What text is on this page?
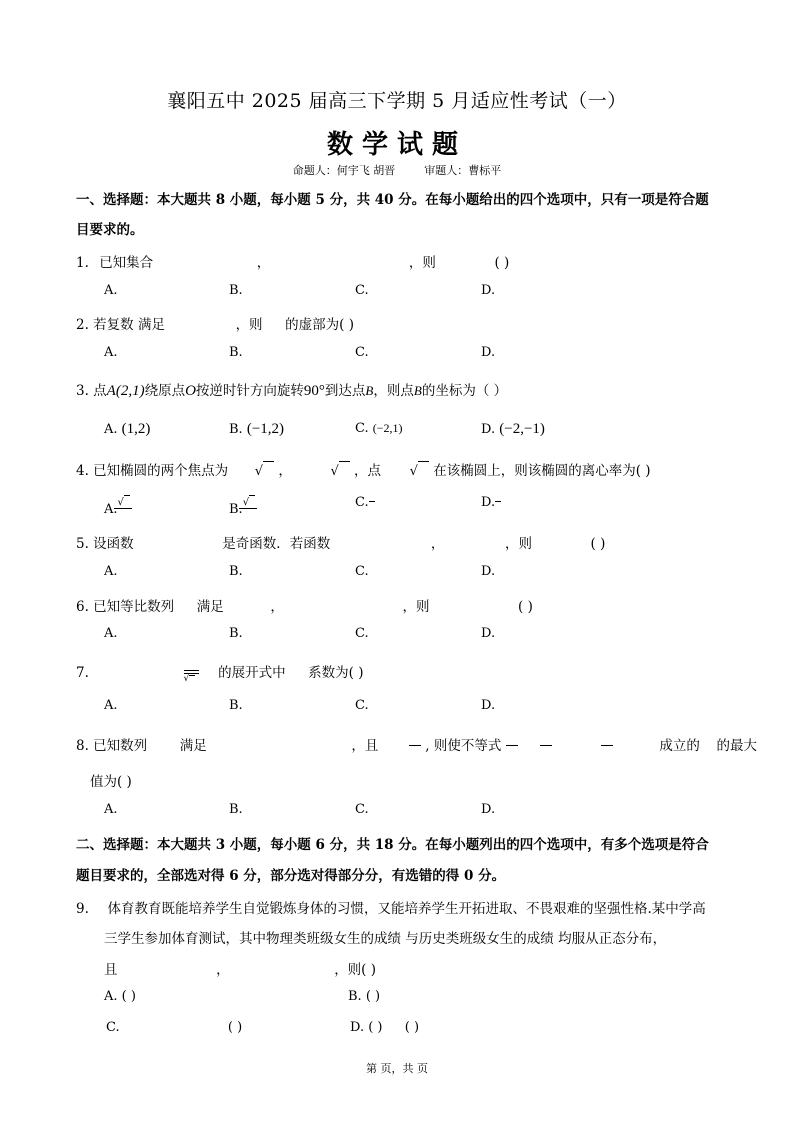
襄阳五中 2025 届高三下学期 5 月适应性考试（一）
数学试题
命题人：何宇飞 胡晋	审题人：曹标平
一、选择题：本大题共 8 小题，每小题 5 分，共 40 分。在每小题给出的四个选项中，只有一项是符合题
目要求的。
1. 已知集合	，	，则	( )
A.	B.	C.	D.
2. 若复数 满足	，则 的虚部为( )
A.	B.	C.	D.
3. 点A(2,1)绕原点O按逆时针方向旋转90°到达点B，则点B的坐标为（ ）
A. (1,2)	B. (−1,2)	C. (−2,1)	D. (−2,−1)
4. 已知椭圆的两个焦点为 √ ，	√ ，点 √ 在该椭圆上，则该椭圆的离心率为( )
A.√	B.√	C.	D.
5. 设函数	是奇函数．若函数	，	，则	( )
A.	B.	C.	D.
6. 已知等比数列 满足	，	，则	( )
A.	B.	C.	D.
7.	√ 的展开式中 系数为( )
A.	B.	C.	D.
8. 已知数列 满足	，且	, 则使不等式	成立的 的最大
值为( )
A.	B.	C.	D.
二、选择题：本大题共 3 小题，每小题 6 分，共 18 分。在每小题列出的四个选项中，有多个选项是符合
题目要求的，全部选对得 6 分，部分选对得部分分，有选错的得 0 分。
9. 体育教育既能培养学生自觉锻炼身体的习惯，又能培养学生开拓进取、不畏艰难的坚强性格.某中学高
三学生参加体育测试，其中物理类班级女生的成绩 与历史类班级女生的成绩 均服从正态分布，
且	，	，则( )
A. ( )	B. ( )
C.	( )	D. ( ) ( )
第 页，共 页
